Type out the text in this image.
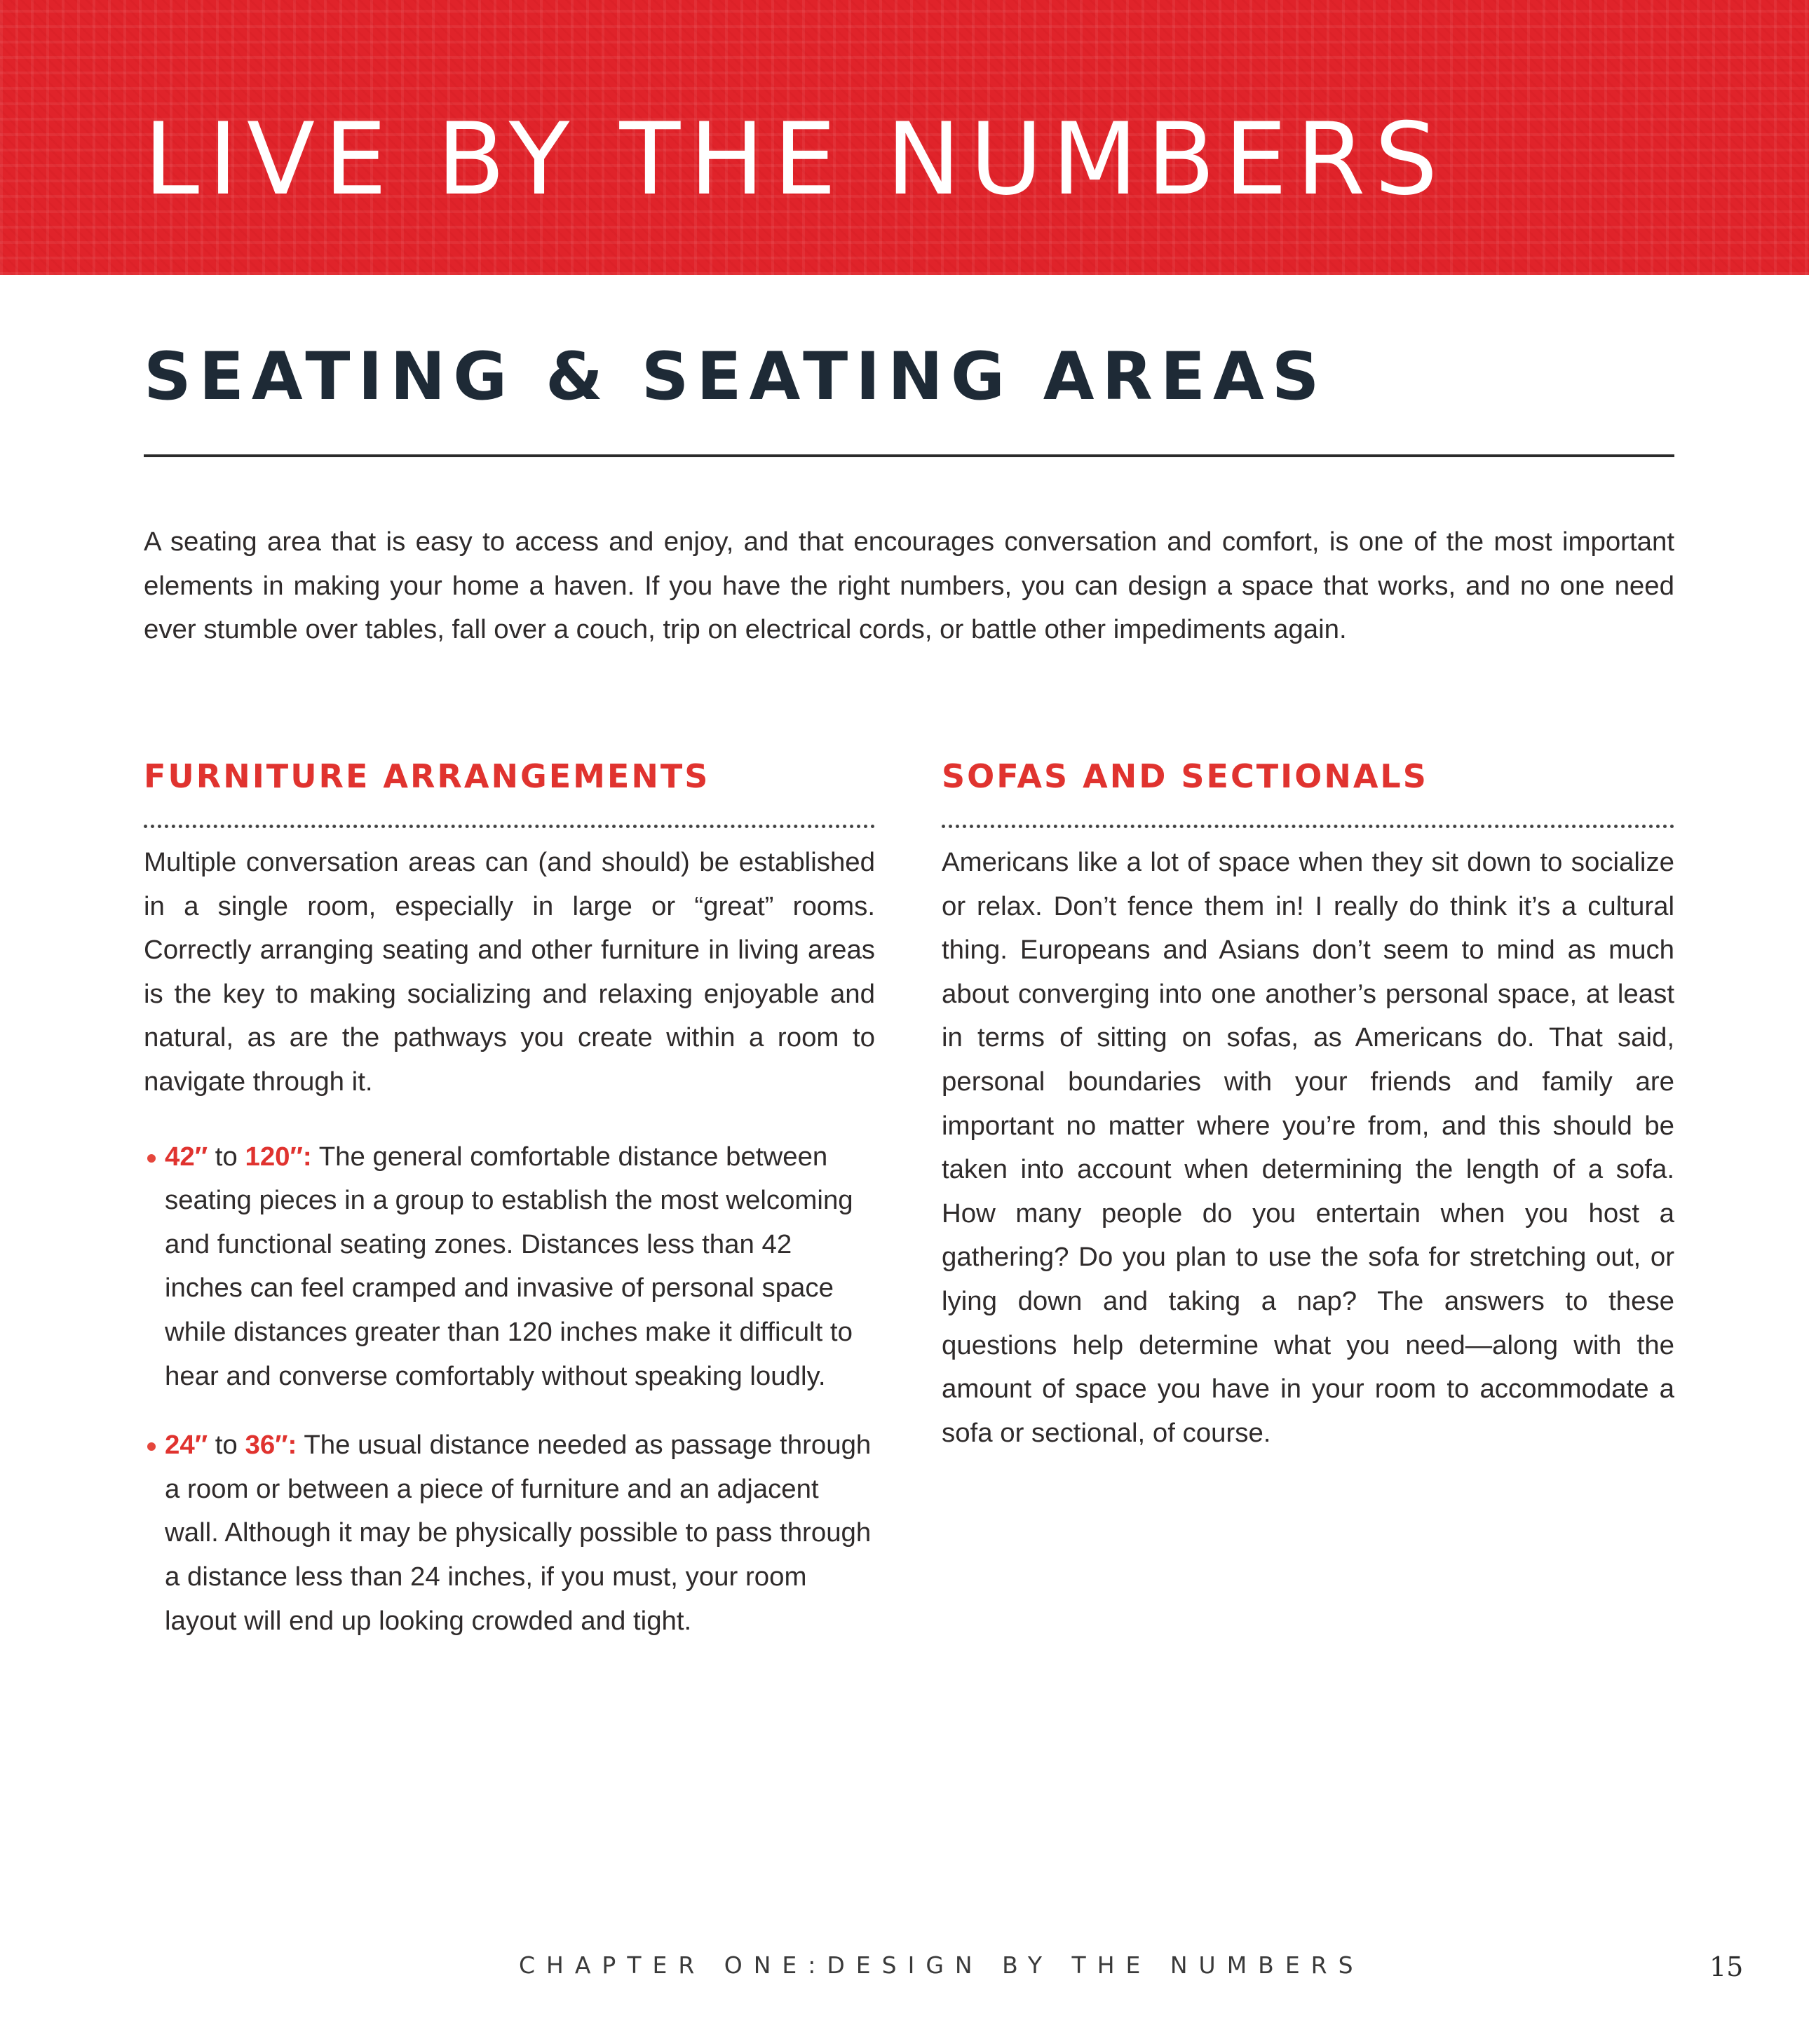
LIVE BY THE NUMBERS
SEATING & SEATING AREAS

A seating area that is easy to access and enjoy, and that encourages conversation and comfort, is one of the most important elements in making your home a haven. If you have the right numbers, you can design a space that works, and no one need ever stumble over tables, fall over a couch, trip on electrical cords, or battle other impediments again.

FURNITURE ARRANGEMENTS

Multiple conversation areas can (and should) be established in a single room, especially in large or “great” rooms. Correctly arranging seating and other furniture in living areas is the key to making socializing and relaxing enjoyable and natural, as are the pathways you create within a room to navigate through it.

42″ to 120″: The general comfortable distance between seating pieces in a group to establish the most welcoming and functional seating zones. Distances less than 42 inches can feel cramped and invasive of personal space while distances greater than 120 inches make it difficult to hear and converse comfortably without speaking loudly.
24″ to 36″: The usual distance needed as passage through a room or between a piece of furniture and an adjacent wall. Although it may be physically possible to pass through a distance less than 24 inches, if you must, your room layout will end up looking crowded and tight.
SOFAS AND SECTIONALS

Americans like a lot of space when they sit down to socialize or relax. Don’t fence them in! I really do think it’s a cultural thing. Europeans and Asians don’t seem to mind as much about converging into one another’s personal space, at least in terms of sitting on sofas, as Americans do. That said, personal boundaries with your friends and family are important no matter where you’re from, and this should be taken into account when determining the length of a sofa. How many people do you entertain when you host a gathering? Do you plan to use the sofa for stretching out, or lying down and taking a nap? The answers to these questions help determine what you need—along with the amount of space you have in your room to accommodate a sofa or sectional, of course.

CHAPTER ONE:DESIGN BY THE NUMBERS	15
